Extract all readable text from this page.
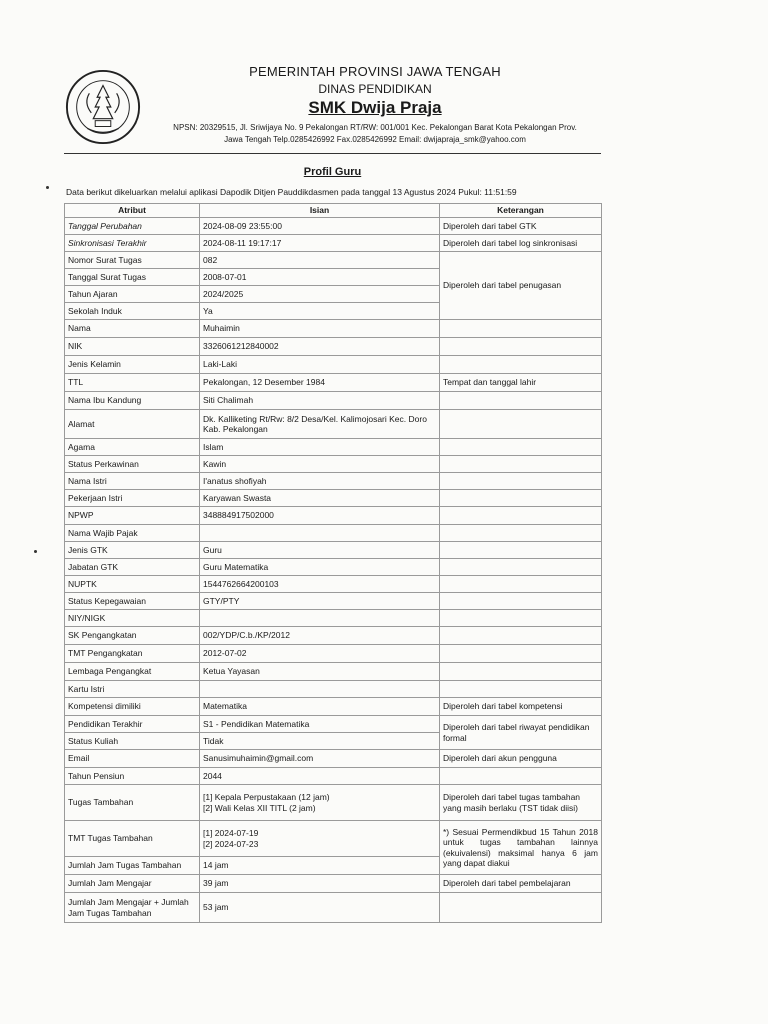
PEMERINTAH PROVINSI JAWA TENGAH
DINAS PENDIDIKAN
SMK Dwija Praja
NPSN: 20329515, Jl. Sriwijaya No. 9 Pekalongan RT/RW: 001/001 Kec. Pekalongan Barat Kota Pekalongan Prov.
Jawa Tengah Telp.0285426992 Fax.0285426992 Email: dwijapraja_smk@yahoo.com
Profil Guru
Data berikut dikeluarkan melalui aplikasi Dapodik Ditjen Pauddikdasmen pada tanggal 13 Agustus 2024 Pukul: 11:51:59
Atribut	Isian	Keterangan
Tanggal Perubahan	2024-08-09 23:55:00	Diperoleh dari tabel GTK
Sinkronisasi Terakhir	2024-08-11 19:17:17	Diperoleh dari tabel log sinkronisasi
Nomor Surat Tugas	082	Diperoleh dari tabel penugasan
Tanggal Surat Tugas	2008-07-01	
Tahun Ajaran	2024/2025	
Sekolah Induk	Ya	
Nama	Muhaimin	
NIK	3326061212840002	
Jenis Kelamin	Laki-Laki	
TTL	Pekalongan, 12 Desember 1984	Tempat dan tanggal lahir
Nama Ibu Kandung	Siti Chalimah	
Alamat	Dk. Kalliketing Rt/Rw: 8/2 Desa/Kel. Kalimojosari Kec. Doro Kab. Pekalongan	
Agama	Islam	
Status Perkawinan	Kawin	
Nama Istri	I'anatus shofiyah	
Pekerjaan Istri	Karyawan Swasta	
NPWP	348884917502000	
Nama Wajib Pajak		
Jenis GTK	Guru	
Jabatan GTK	Guru Matematika	
NUPTK	1544762664200103	
Status Kepegawaian	GTY/PTY	
NIY/NIGK		
SK Pengangkatan	002/YDP/C.b./KP/2012	
TMT Pengangkatan	2012-07-02	
Lembaga Pengangkat	Ketua Yayasan	
Kartu Istri		
Kompetensi dimiliki	Matematika	Diperoleh dari tabel kompetensi
Pendidikan Terakhir	S1 - Pendidikan Matematika	Diperoleh dari tabel riwayat pendidikan formal
Status Kuliah	Tidak	
Email	Sanusimuhaimin@gmail.com	Diperoleh dari akun pengguna
Tahun Pensiun	2044	
Tugas Tambahan	[1] Kepala Perpustakaan (12 jam)
[2] Wali Kelas XII TITL (2 jam)	Diperoleh dari tabel tugas tambahan yang masih berlaku (TST tidak diisi)
TMT Tugas Tambahan	[1] 2024-07-19
[2] 2024-07-23	*) Sesuai Permendikbud 15 Tahun 2018 untuk tugas tambahan lainnya (ekuivalensi) maksimal hanya 6 jam yang dapat diakui
Jumlah Jam Tugas Tambahan	14 jam	
Jumlah Jam Mengajar	39 jam	Diperoleh dari tabel pembelajaran
Jumlah Jam Mengajar + Jumlah Jam Tugas Tambahan	53 jam	
